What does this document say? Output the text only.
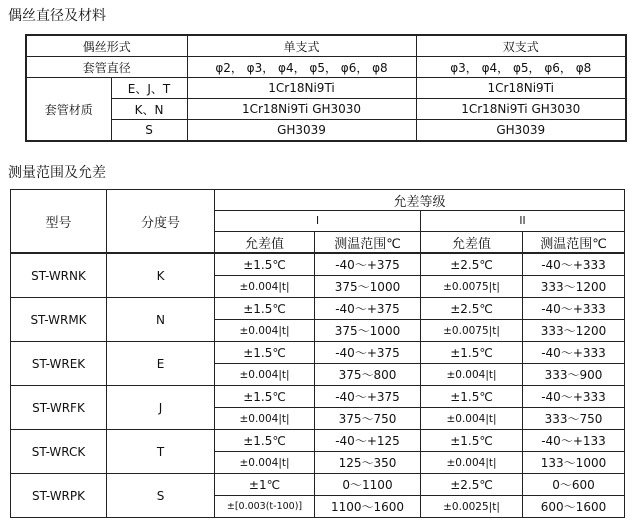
偶丝直径及材料
偶丝形式		单支式	双支式
套管直径		φ2， φ3， φ4， φ5， φ6， φ8	φ3， φ4， φ5， φ6， φ8
套管材质	E、J、T	1Cr18Ni9Ti	1Cr18Ni9Ti
	K、N	1Cr18Ni9Ti GH3030	1Cr18Ni9Ti GH3030
	S	GH3039	GH3039
测量范围及允差
型号	分度号	允差等级			
		I		II	
		允差值	测温范围℃	允差值	测温范围℃
ST-WRNK	K	±1.5℃	-40～+375	±2.5℃	-40～+333
		±0.004|t|	375～1000	±0.0075|t|	333～1200
ST-WRMK	N	±1.5℃	-40～+375	±2.5℃	-40～+333
		±0.004|t|	375～1000	±0.0075|t|	333～1200
ST-WREK	E	±1.5℃	-40～+375	±1.5℃	-40～+333
		±0.004|t|	375～800	±0.004|t|	333～900
ST-WRFK	J	±1.5℃	-40～+375	±1.5℃	-40～+333
		±0.004|t|	375～750	±0.004|t|	333～750
ST-WRCK	T	±1.5℃	-40～+125	±1.5℃	-40～+133
		±0.004|t|	125～350	±0.004|t|	133～1000
ST-WRPK	S	±1℃	0～1100	±2.5℃	0～600
		±[0.003(t-100)]	1100～1600	±0.0025|t|	600～1600
